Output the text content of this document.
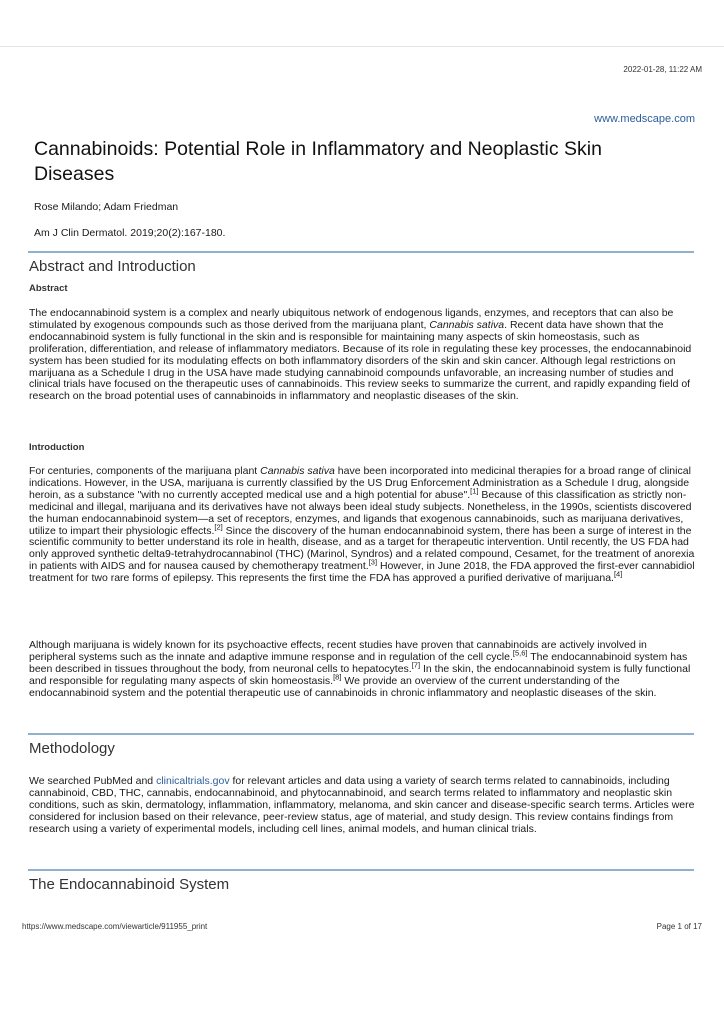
2022-01-28, 11:22 AM
www.medscape.com
Cannabinoids: Potential Role in Inflammatory and Neoplastic Skin Diseases
Rose Milando; Adam Friedman
Am J Clin Dermatol. 2019;20(2):167-180.
Abstract and Introduction
Abstract

The endocannabinoid system is a complex and nearly ubiquitous network of endogenous ligands, enzymes, and receptors that can also be stimulated by exogenous compounds such as those derived from the marijuana plant, Cannabis sativa. Recent data have shown that the endocannabinoid system is fully functional in the skin and is responsible for maintaining many aspects of skin homeostasis, such as proliferation, differentiation, and release of inflammatory mediators. Because of its role in regulating these key processes, the endocannabinoid system has been studied for its modulating effects on both inflammatory disorders of the skin and skin cancer. Although legal restrictions on marijuana as a Schedule I drug in the USA have made studying cannabinoid compounds unfavorable, an increasing number of studies and clinical trials have focused on the therapeutic uses of cannabinoids. This review seeks to summarize the current, and rapidly expanding field of research on the broad potential uses of cannabinoids in inflammatory and neoplastic diseases of the skin.

Introduction

For centuries, components of the marijuana plant Cannabis sativa have been incorporated into medicinal therapies for a broad range of clinical indications. However, in the USA, marijuana is currently classified by the US Drug Enforcement Administration as a Schedule I drug, alongside heroin, as a substance "with no currently accepted medical use and a high potential for abuse".[1] Because of this classification as strictly non-medicinal and illegal, marijuana and its derivatives have not always been ideal study subjects. Nonetheless, in the 1990s, scientists discovered the human endocannabinoid system—a set of receptors, enzymes, and ligands that exogenous cannabinoids, such as marijuana derivatives, utilize to impart their physiologic effects.[2] Since the discovery of the human endocannabinoid system, there has been a surge of interest in the scientific community to better understand its role in health, disease, and as a target for therapeutic intervention. Until recently, the US FDA had only approved synthetic delta9-tetrahydrocannabinol (THC) (Marinol, Syndros) and a related compound, Cesamet, for the treatment of anorexia in patients with AIDS and for nausea caused by chemotherapy treatment.[3] However, in June 2018, the FDA approved the first-ever cannabidiol treatment for two rare forms of epilepsy. This represents the first time the FDA has approved a purified derivative of marijuana.[4]

Although marijuana is widely known for its psychoactive effects, recent studies have proven that cannabinoids are actively involved in peripheral systems such as the innate and adaptive immune response and in regulation of the cell cycle.[5,6] The endocannabinoid system has been described in tissues throughout the body, from neuronal cells to hepatocytes.[7] In the skin, the endocannabinoid system is fully functional and responsible for regulating many aspects of skin homeostasis.[8] We provide an overview of the current understanding of the endocannabinoid system and the potential therapeutic use of cannabinoids in chronic inflammatory and neoplastic diseases of the skin.

Methodology

We searched PubMed and clinicaltrials.gov for relevant articles and data using a variety of search terms related to cannabinoids, including cannabinoid, CBD, THC, cannabis, endocannabinoid, and phytocannabinoid, and search terms related to inflammatory and neoplastic skin conditions, such as skin, dermatology, inflammation, inflammatory, melanoma, and skin cancer and disease-specific search terms. Articles were considered for inclusion based on their relevance, peer-review status, age of material, and study design. This review contains findings from research using a variety of experimental models, including cell lines, animal models, and human clinical trials.

The Endocannabinoid System
https://www.medscape.com/viewarticle/911955_print	Page 1 of 17
